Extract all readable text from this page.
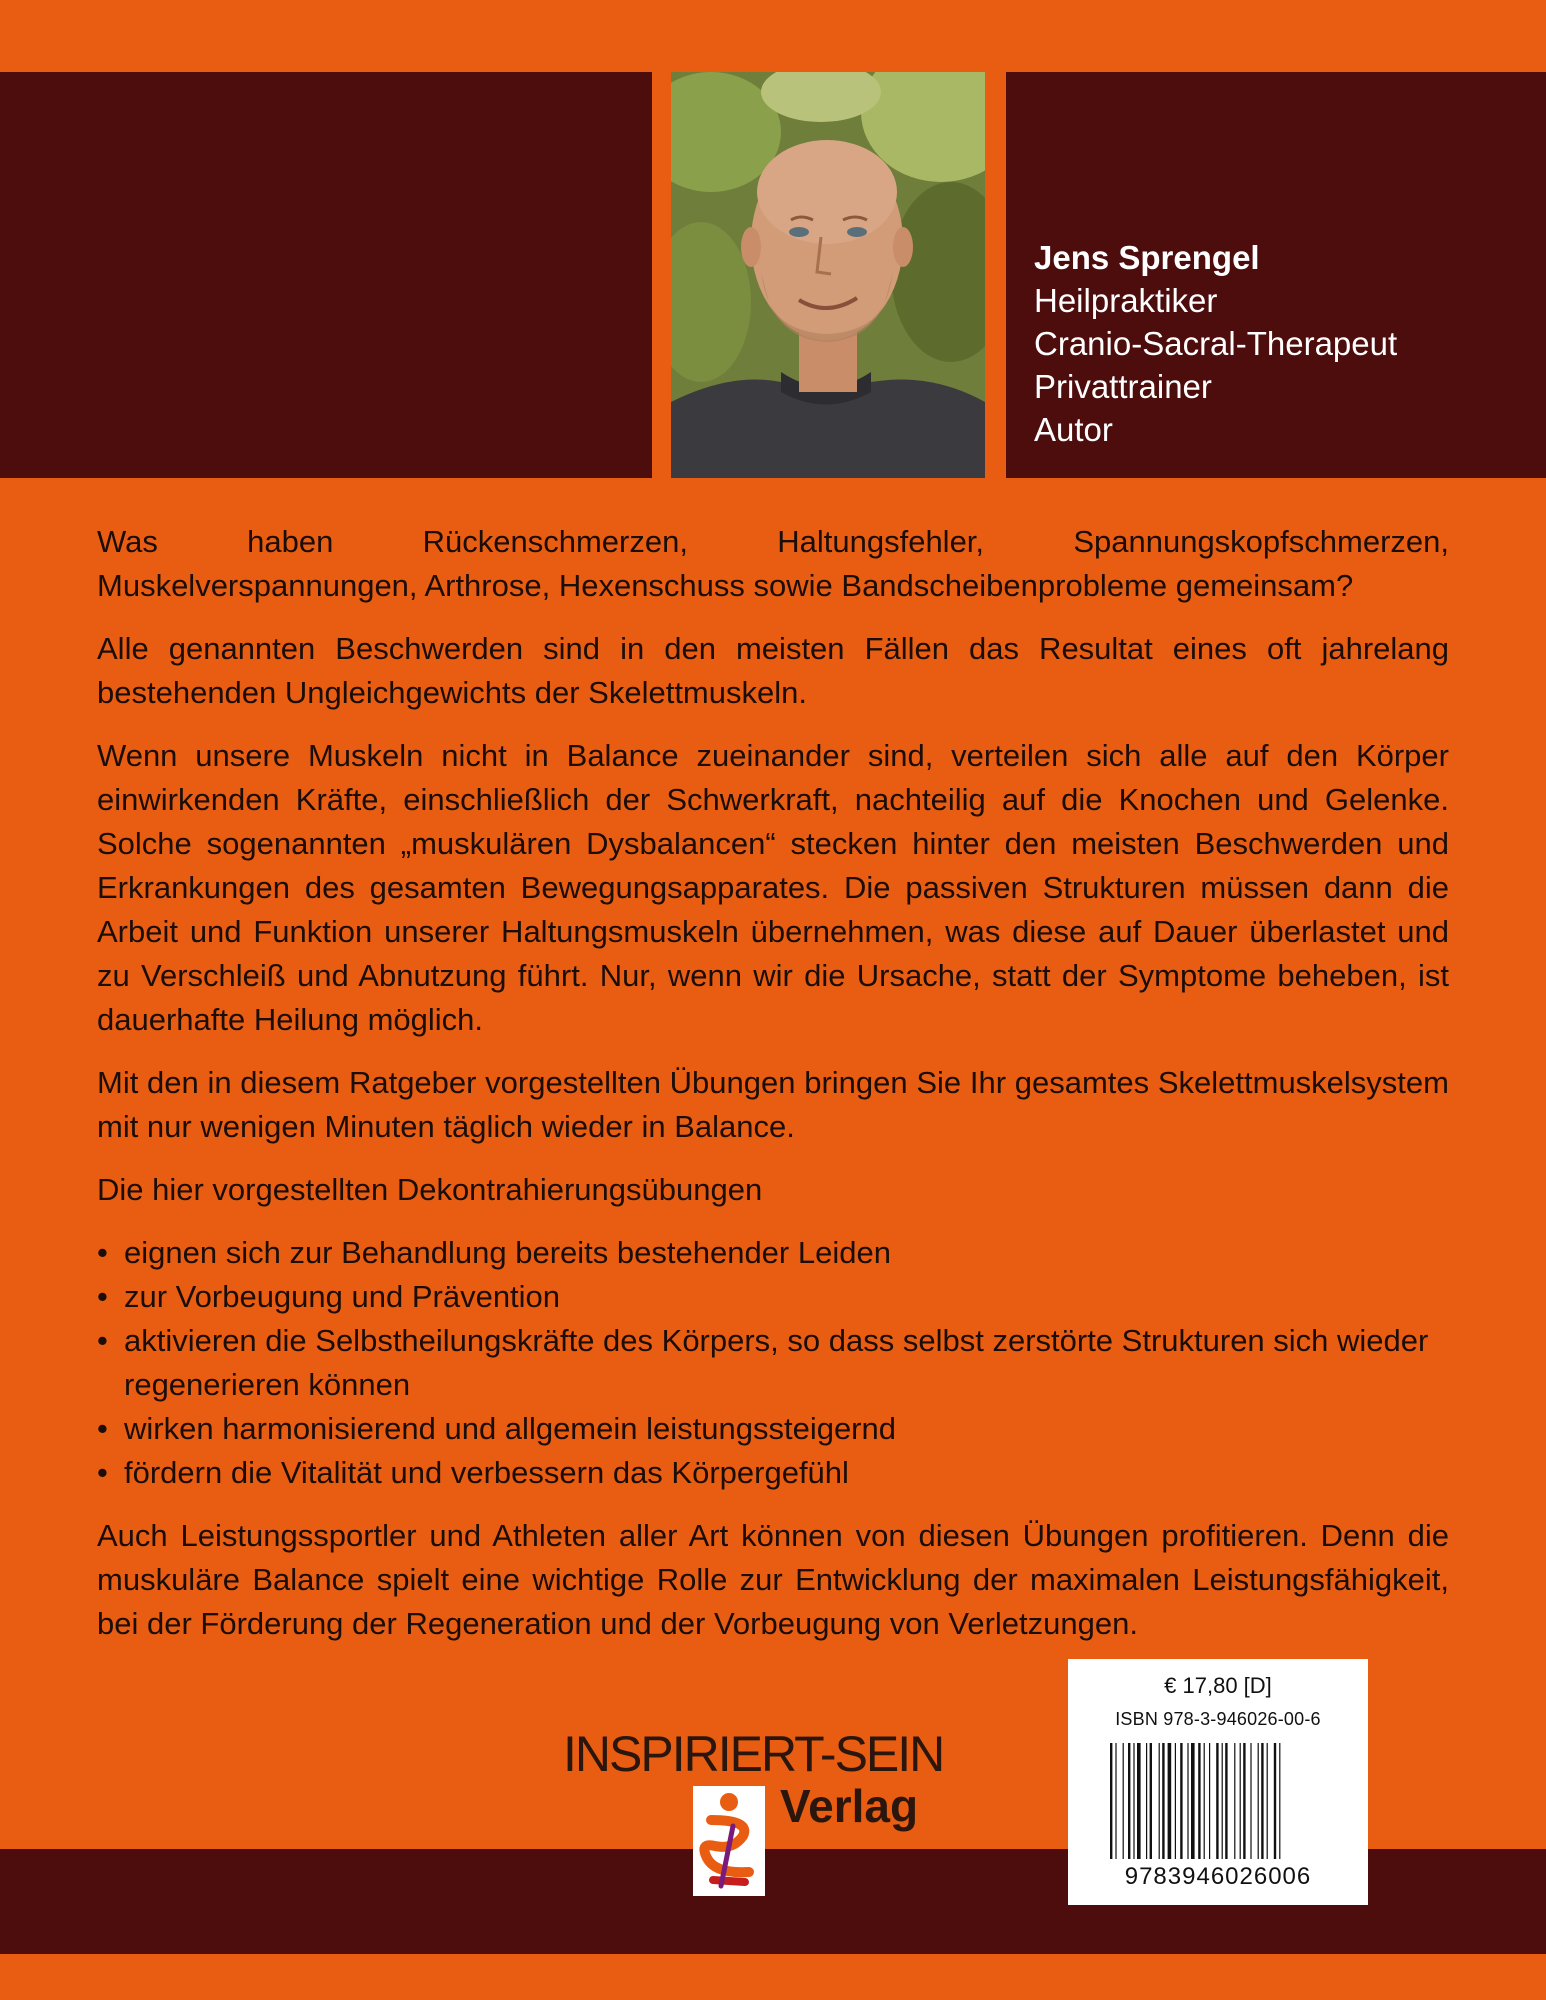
Jens Sprengel
Heilpraktiker
Cranio-Sacral-Therapeut
Privattrainer
Autor

Was haben Rückenschmerzen, Haltungsfehler, Spannungskopfschmerzen, Muskelverspannungen, Arthrose, Hexenschuss sowie Bandscheibenprobleme gemeinsam?

Alle genannten Beschwerden sind in den meisten Fällen das Resultat eines oft jahrelang bestehenden Ungleichgewichts der Skelettmuskeln.

Wenn unsere Muskeln nicht in Balance zueinander sind, verteilen sich alle auf den Körper einwirkenden Kräfte, einschließlich der Schwerkraft, nachteilig auf die Knochen und Gelenke. Solche sogenannten „muskulären Dysbalancen“ stecken hinter den meisten Beschwerden und Erkrankungen des gesamten Bewegungsapparates. Die passiven Strukturen müssen dann die Arbeit und Funktion unserer Haltungsmuskeln übernehmen, was diese auf Dauer überlastet und zu Verschleiß und Abnutzung führt. Nur, wenn wir die Ursache, statt der Symptome beheben, ist dauerhafte Heilung möglich.

Mit den in diesem Ratgeber vorgestellten Übungen bringen Sie Ihr gesamtes Skelettmuskelsystem mit nur wenigen Minuten täglich wieder in Balance.

Die hier vorgestellten Dekontrahierungsübungen

• eignen sich zur Behandlung bereits bestehender Leiden
• zur Vorbeugung und Prävention
• aktivieren die Selbstheilungskräfte des Körpers, so dass selbst zerstörte Strukturen sich wieder regenerieren können
• wirken harmonisierend und allgemein leistungssteigernd
• fördern die Vitalität und verbessern das Körpergefühl

Auch Leistungssportler und Athleten aller Art können von diesen Übungen profitieren. Denn die muskuläre Balance spielt eine wichtige Rolle zur Entwicklung der maximalen Leistungsfähigkeit, bei der Förderung der Regeneration und der Vorbeugung von Verletzungen.

INSPIRIERT-SEIN
Verlag
€ 17,80 [D]
ISBN 978-3-946026-00-6
9783946026006
